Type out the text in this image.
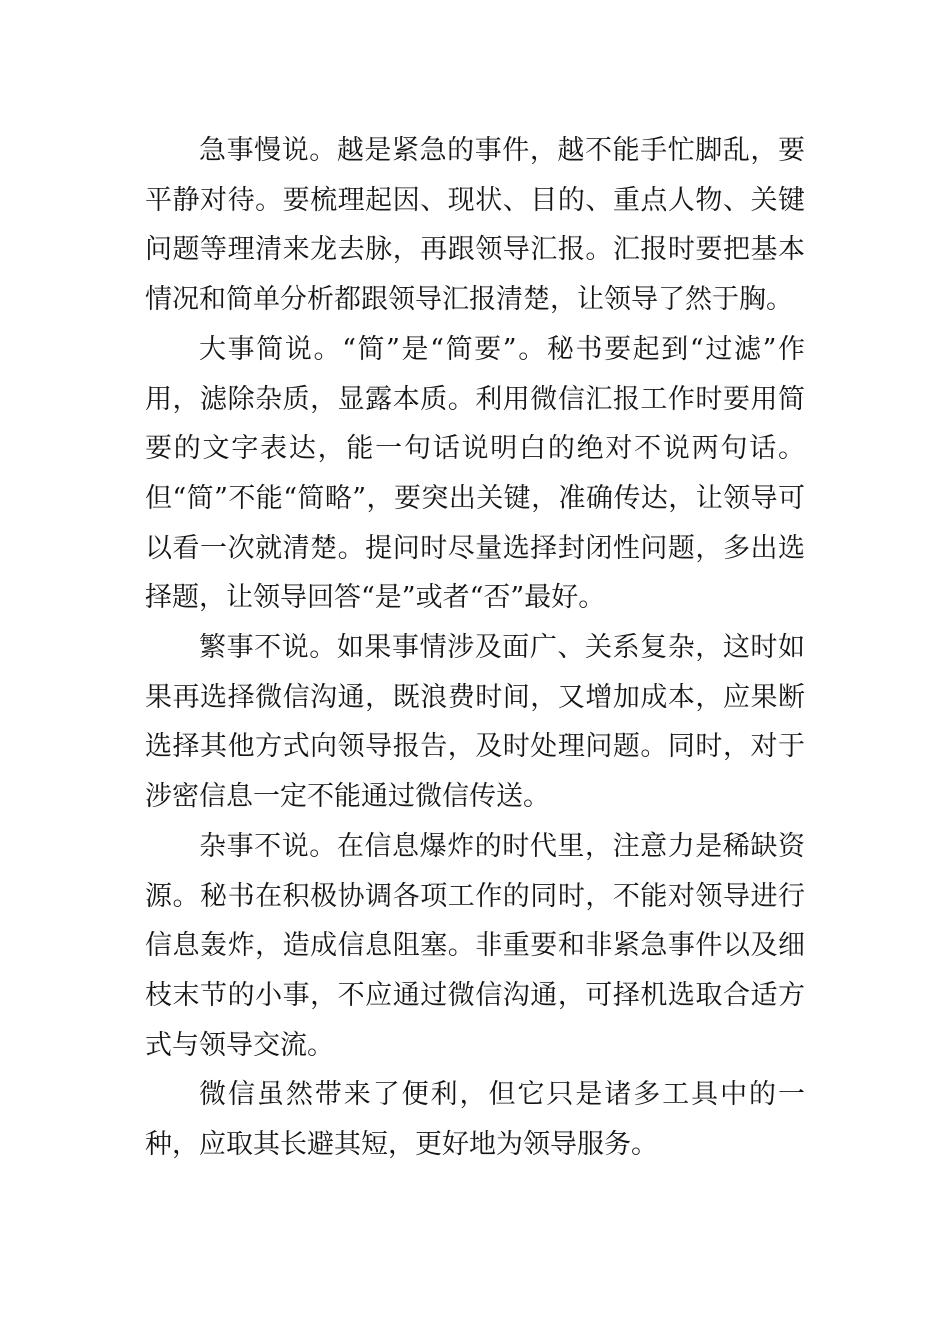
急事慢说。越是紧急的事件，越不能手忙脚乱，要平静对待。要梳理起因、现状、目的、重点人物、关键问题等理清来龙去脉，再跟领导汇报。汇报时要把基本情况和简单分析都跟领导汇报清楚，让领导了然于胸。

大事简说。“简”是“简要”。秘书要起到“过滤”作用，滤除杂质，显露本质。利用微信汇报工作时要用简要的文字表达，能一句话说明白的绝对不说两句话。但“简”不能“简略”，要突出关键，准确传达，让领导可以看一次就清楚。提问时尽量选择封闭性问题，多出选择题，让领导回答“是”或者“否”最好。

繁事不说。如果事情涉及面广、关系复杂，这时如果再选择微信沟通，既浪费时间，又增加成本，应果断选择其他方式向领导报告，及时处理问题。同时，对于涉密信息一定不能通过微信传送。

杂事不说。在信息爆炸的时代里，注意力是稀缺资源。秘书在积极协调各项工作的同时，不能对领导进行信息轰炸，造成信息阻塞。非重要和非紧急事件以及细枝末节的小事，不应通过微信沟通，可择机选取合适方式与领导交流。

微信虽然带来了便利，但它只是诸多工具中的一种，应取其长避其短，更好地为领导服务。
